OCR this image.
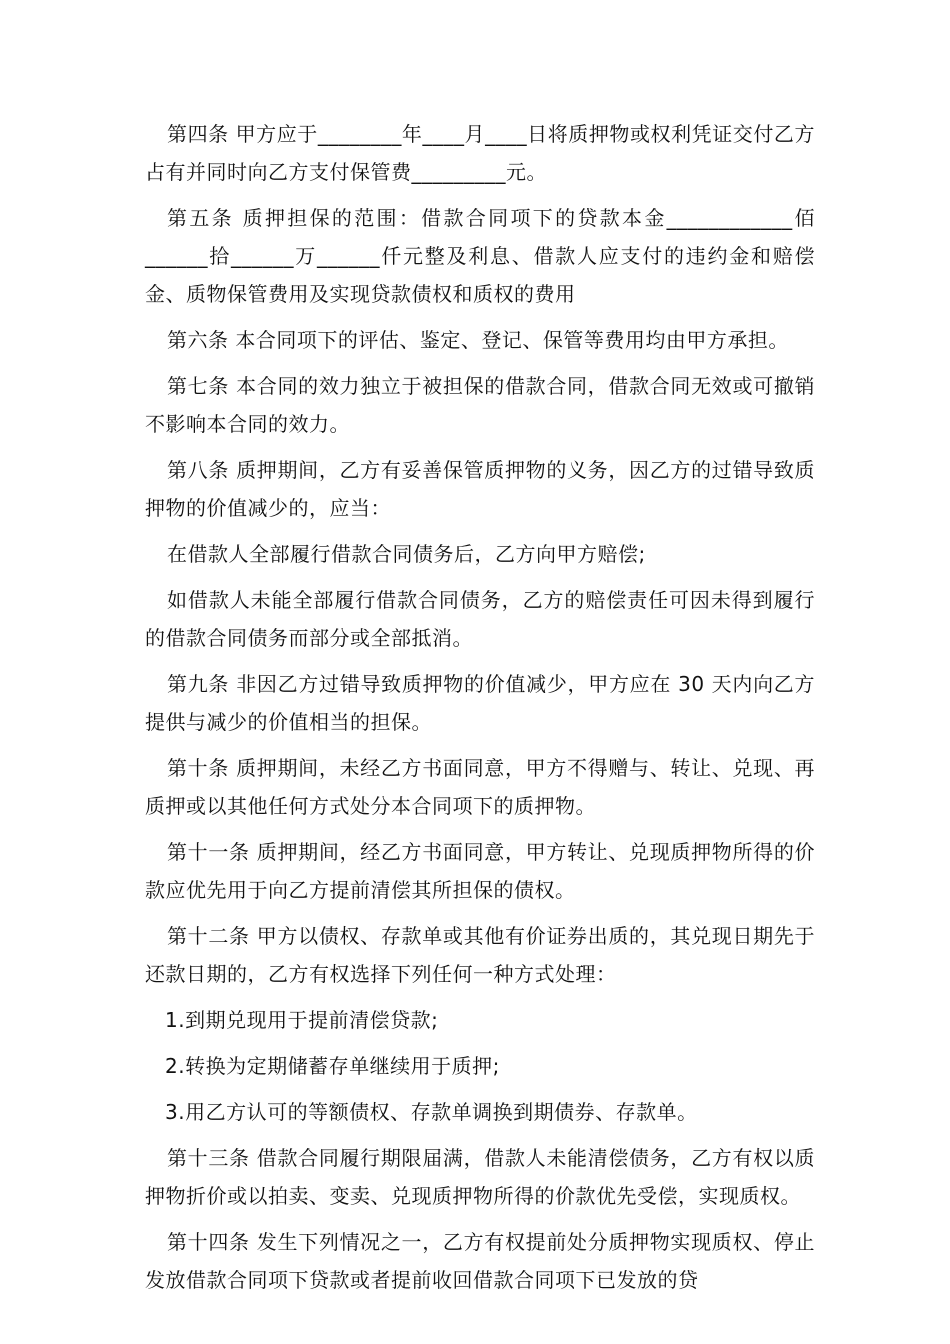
第四条 甲方应于________年____月____日将质押物或权利凭证交付乙方占有并同时向乙方支付保管费_________元。

第五条 质押担保的范围：借款合同项下的贷款本金____________佰______拾______万______仟元整及利息、借款人应支付的违约金和赔偿金、质物保管费用及实现贷款债权和质权的费用

第六条 本合同项下的评估、鉴定、登记、保管等费用均由甲方承担。

第七条 本合同的效力独立于被担保的借款合同，借款合同无效或可撤销不影响本合同的效力。

第八条 质押期间，乙方有妥善保管质押物的义务，因乙方的过错导致质押物的价值减少的，应当：

在借款人全部履行借款合同债务后，乙方向甲方赔偿;

如借款人未能全部履行借款合同债务，乙方的赔偿责任可因未得到履行的借款合同债务而部分或全部抵消。

第九条 非因乙方过错导致质押物的价值减少，甲方应在 30 天内向乙方提供与减少的价值相当的担保。

第十条 质押期间，未经乙方书面同意，甲方不得赠与、转让、兑现、再质押或以其他任何方式处分本合同项下的质押物。

第十一条 质押期间，经乙方书面同意，甲方转让、兑现质押物所得的价款应优先用于向乙方提前清偿其所担保的债权。

第十二条 甲方以债权、存款单或其他有价证券出质的，其兑现日期先于还款日期的，乙方有权选择下列任何一种方式处理：

1.到期兑现用于提前清偿贷款;

2.转换为定期储蓄存单继续用于质押;

3.用乙方认可的等额债权、存款单调换到期债券、存款单。

第十三条 借款合同履行期限届满，借款人未能清偿债务，乙方有权以质押物折价或以拍卖、变卖、兑现质押物所得的价款优先受偿，实现质权。

第十四条 发生下列情况之一，乙方有权提前处分质押物实现质权、停止发放借款合同项下贷款或者提前收回借款合同项下已发放的贷
